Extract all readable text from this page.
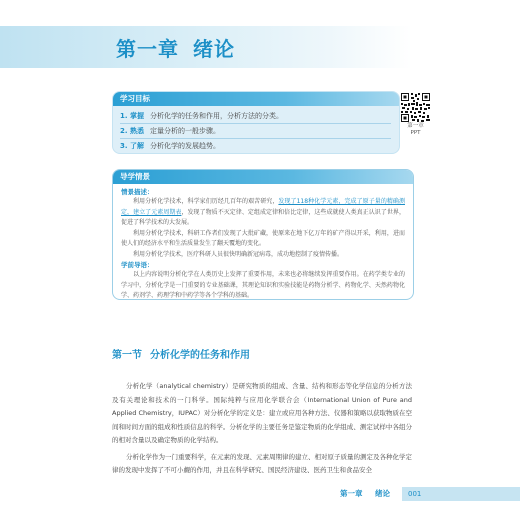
第一章 绪论
学习目标
1. 掌握 分析化学的任务和作用，分析方法的分类。
2. 熟悉 定量分析的一般步骤。
3. 了解 分析化学的发展趋势。
第一章
PPT
导学情景
情景描述：

利用分析化学技术，科学家们历经几百年的艰苦研究，发现了118种化学元素，完成了原子量的精确测定，建立了元素周期表，发现了物质不灭定律、定组成定律和倍比定律，这些成就使人类真正认识了世界，促进了科学技术的大发展。

利用分析化学技术，科研工作者们发现了大批矿藏，使原来在地下亿万年的矿产得以开采，利用，进而使人们的经济水平和生活质量发生了翻天覆地的变化。

利用分析化学技术，医疗科研人员很快明确新冠病毒，成功地控制了疫情传播。

学前导语：

以上内容说明分析化学在人类历史上发挥了重要作用，未来也必将继续发挥重要作用。在药学类专业的学习中，分析化学是一门重要的专业基础课，其理论知识和实验技能是药物分析学、药物化学、天然药物化学、药剂学、药理学和中药学等各个学科的基础。

第一节 分析化学的任务和作用

分析化学（analytical chemistry）是研究物质的组成、含量、结构和形态等化学信息的分析方法及有关理论和技术的一门科学。国际纯粹与应用化学联合会（International Union of Pure and Applied Chemistry，IUPAC）对分析化学的定义是：建立或应用各种方法、仪器和策略以获取物质在空间和时间方面的组成和性质信息的科学。分析化学的主要任务是鉴定物质的化学组成、测定试样中各组分的相对含量以及确定物质的化学结构。

分析化学作为一门重要科学，在元素的发现、元素周期律的建立、相对原子质量的测定及各种化学定律的发现中发挥了不可小觑的作用，并且在科学研究、国民经济建设、医药卫生和食品安全

第一章 绪论	001
